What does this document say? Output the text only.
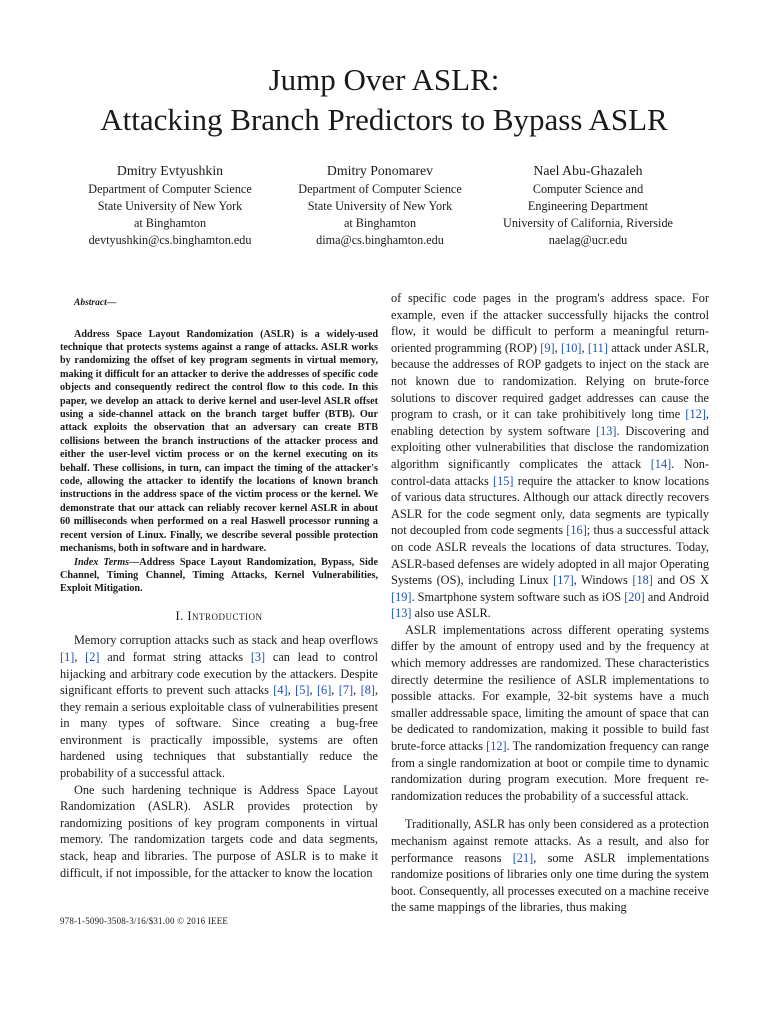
Jump Over ASLR:
Attacking Branch Predictors to Bypass ASLR
Dmitry Evtyushkin
Department of Computer Science
State University of New York
at Binghamton
devtyushkin@cs.binghamton.edu
Dmitry Ponomarev
Department of Computer Science
State University of New York
at Binghamton
dima@cs.binghamton.edu
Nael Abu-Ghazaleh
Computer Science and
Engineering Department
University of California, Riverside
naelag@ucr.edu
Abstract—
Address Space Layout Randomization (ASLR) is a widely-used technique that protects systems against a range of attacks. ASLR works by randomizing the offset of key program segments in virtual memory, making it difficult for an attacker to derive the addresses of specific code objects and consequently redirect the control flow to this code. In this paper, we develop an attack to derive kernel and user-level ASLR offset using a side-channel attack on the branch target buffer (BTB). Our attack exploits the observation that an adversary can create BTB collisions between the branch instructions of the attacker process and either the user-level victim process or on the kernel executing on its behalf. These collisions, in turn, can impact the timing of the attacker's code, allowing the attacker to identify the locations of known branch instructions in the address space of the victim process or the kernel. We demonstrate that our attack can reliably recover kernel ASLR in about 60 milliseconds when performed on a real Haswell processor running a recent version of Linux. Finally, we describe several possible protection mechanisms, both in software and in hardware.
Index Terms—Address Space Layout Randomization, Bypass, Side Channel, Timing Channel, Timing Attacks, Kernel Vulnerabilities, Exploit Mitigation.
I. Introduction

Memory corruption attacks such as stack and heap overflows [1], [2] and format string attacks [3] can lead to control hijacking and arbitrary code execution by the attackers. Despite significant efforts to prevent such attacks [4], [5], [6], [7], [8], they remain a serious exploitable class of vulnerabilities present in many types of software. Since creating a bug-free environment is practically impossible, systems are often hardened using techniques that substantially reduce the probability of a successful attack.

One such hardening technique is Address Space Layout Randomization (ASLR). ASLR provides protection by randomizing positions of key program components in virtual memory. The randomization targets code and data segments, stack, heap and libraries. The purpose of ASLR is to make it difficult, if not impossible, for the attacker to know the location

of specific code pages in the program's address space. For example, even if the attacker successfully hijacks the control flow, it would be difficult to perform a meaningful return-oriented programming (ROP) [9], [10], [11] attack under ASLR, because the addresses of ROP gadgets to inject on the stack are not known due to randomization. Relying on brute-force solutions to discover required gadget addresses can cause the program to crash, or it can take prohibitively long time [12], enabling detection by system software [13]. Discovering and exploiting other vulnerabilities that disclose the randomization algorithm significantly complicates the attack [14]. Non-control-data attacks [15] require the attacker to know locations of various data structures. Although our attack directly recovers ASLR for the code segment only, data segments are typically not decoupled from code segments [16]; thus a successful attack on code ASLR reveals the locations of data structures. Today, ASLR-based defenses are widely adopted in all major Operating Systems (OS), including Linux [17], Windows [18] and OS X [19]. Smartphone system software such as iOS [20] and Android [13] also use ASLR.

ASLR implementations across different operating systems differ by the amount of entropy used and by the frequency at which memory addresses are randomized. These characteristics directly determine the resilience of ASLR implementations to possible attacks. For example, 32-bit systems have a much smaller addressable space, limiting the amount of space that can be dedicated to randomization, making it possible to build fast brute-force attacks [12]. The randomization frequency can range from a single randomization at boot or compile time to dynamic randomization during program execution. More frequent re-randomization reduces the probability of a successful attack.

Traditionally, ASLR has only been considered as a protection mechanism against remote attacks. As a result, and also for performance reasons [21], some ASLR implementations randomize positions of libraries only one time during the system boot. Consequently, all processes executed on a machine receive the same mappings of the libraries, thus making

978-1-5090-3508-3/16/$31.00 © 2016 IEEE
